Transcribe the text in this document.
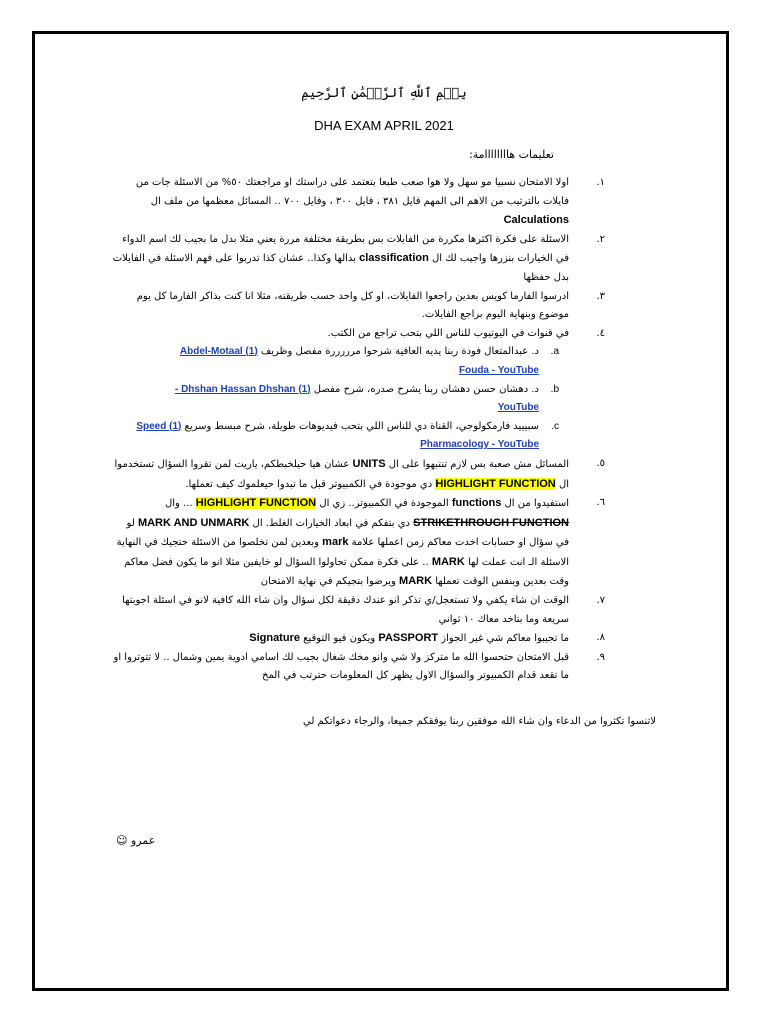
بِسۡمِ ٱللَّهِ ٱلرَّحۡمَٰنِ ٱلرَّحِيمِ
DHA EXAM APRIL 2021
تعليمات هاااااااامة:

١.
اولا الامتحان نسبيا مو سهل ولا هوا صعب طبعا بتعتمد على دراستك او مراجعتك ٥٠% من الاسئلة جات من فايلات بالترتيب من الاهم الى المهم فايل ٣٨١ ، فايل ٣٠٠ ، وفايل ٧٠٠ .. المسائل معظمها من ملف ال Calculations

٢.
الاسئلة على فكرة اكثرها مكررة من الفايلات بس بطريقة مختلفة مررة يعني مثلا بدل ما بجيب لك اسم الدواء في الخيارات بنزرها واجيب لك ال classification بدالها وكذا.. عشان كذا تدربوا على فهم الاسئلة في الفايلات بدل حفظها

٣.
ادرسوا الفارما كويس بعدين راجعوا الفايلات، او كل واحد حسب طريقته، مثلا انا كنت بذاكر الفارما كل يوم موضوع وبنهاية اليوم براجع الفايلات.

٤.
في قنوات في اليوتيوب للناس اللي بتحب تراجع من الكتب.

a.
د. عبدالمتعال فودة ربنا يديه العافية شرحوا مرررررة مفصل وظريف (1) Abdel-Motaal
Fouda - YouTube

b.
د. دهشان حسن دهشان ربنا يشرح صدره، شرح مفصل (1) Dhshan Hassan Dhshan -
YouTube

c.
سبيييد فارمكولوجي، القناة دي للناس اللي بتحب فيديوهات طويلة، شرح مبسط وسريع (1) Speed
Pharmacology - YouTube

٥.
المسائل مش صعبة بس لازم تنتبهوا على ال UNITS عشان هيا حيلخبطكم، ياريت لمن تقروا السؤال تستخدموا ال HIGHLIGHT FUNCTION دي موجودة في الكمبيوتر قبل ما تبدوا حيعلموك كيف تعملها.

٦.
استفيدوا من ال functions الموجودة في الكمبيوتر.. زي ال HIGHLIGHT FUNCTION ... وال STRIKETHROUGH FUNCTION دي بتفكم في ابعاد الخيارات الغلط. ال MARK AND UNMARK لو في سؤال او حسابات اخدت معاكم زمن اعملها علامة mark وبعدين لمن تخلصوا من الاسئلة حتجيك في النهاية الاسئلة الـ انت عملت لها MARK .. على فكرة ممكن تحاولوا السؤال لو خايفين مثلا انو ما يكون فضل معاكم وقت بعدين وبنفس الوقت تعملها MARK ويرضوا بتجيكم في نهاية الامتحان

٧.
الوقت ان شاء يكفي ولا تستعجل/ي تذكر انو عندك دقيقة لكل سؤال وان شاء الله كافية لانو في اسئلة اجوبتها سريعة وما بتاخد معاك ١٠ ثواني

٨.
ما تجيبوا معاكم شي غير الجواز PASSPORT ويكون فيو التوقيع Signature

٩.
قبل الامتحان حتحسوا الله ما متركز ولا شي وانو مخك شغال بجيب لك اسامي ادوية يمين وشمال .. لا تتوتروا او ما تقعد قدام الكمبيوتر والسؤال الاول يظهر كل المعلومات حترتب في المخ

لاتنسوا تكثروا من الدعاء وان شاء الله موفقين ربنا يوفقكم جميعا، والرجاء دعواتكم لي
عمرو ☺
